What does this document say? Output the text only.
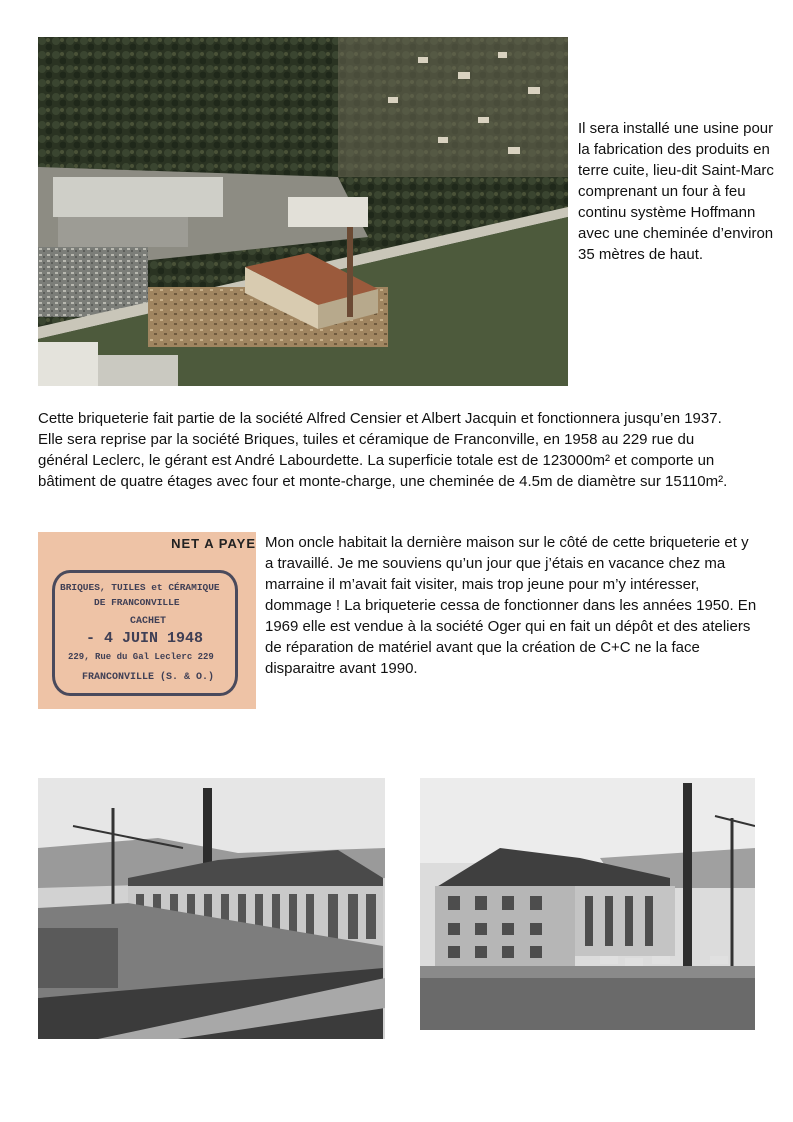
Il sera installé une usine pour la fabrication des produits en terre cuite, lieu-dit Saint-Marc comprenant un four à feu continu système Hoffmann avec une cheminée d’environ 35 mètres de haut.
Cette briqueterie fait partie de la société Alfred Censier et Albert Jacquin et fonctionnera jusqu’en 1937. Elle sera reprise par la société Briques, tuiles et céramique de Franconville, en 1958 au 229 rue du général Leclerc, le gérant est André Labourdette. La superficie totale est de 123000m² et comporte un bâtiment de quatre étages avec four et monte-charge, une cheminée de 4.5m de diamètre sur 15110m².
NET A PAYE
BRIQUES, TUILES et CÉRAMIQUE
DE FRANCONVILLE
CACHET
- 4 JUIN 1948
229, Rue du Gal Leclerc 229
FRANCONVILLE (S. & O.)
Mon oncle habitait la dernière maison sur le côté de cette briqueterie et y a travaillé. Je me souviens qu’un jour que j’étais en vacance chez ma marraine il m’avait fait visiter, mais trop jeune pour m’y intéresser, dommage ! La briqueterie cessa de fonctionner dans les années 1950. En 1969 elle est vendue à la société Oger qui en fait un dépôt et des ateliers de réparation de matériel avant que la création de C+C ne la face disparaitre avant 1990.
